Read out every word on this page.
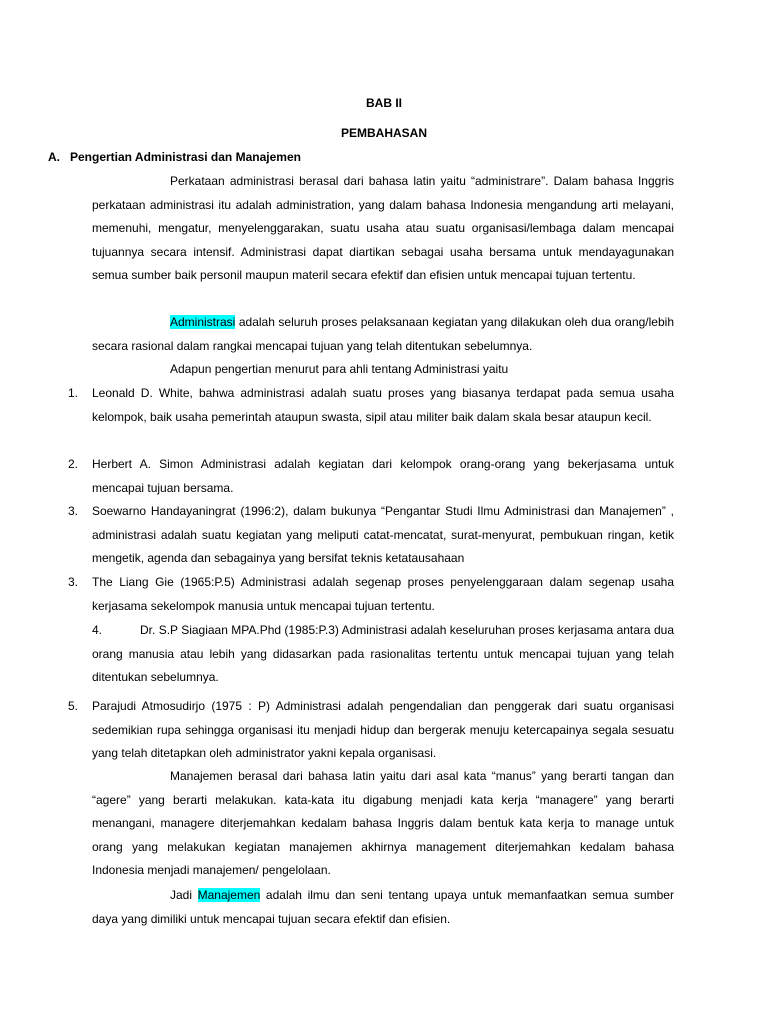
BAB II

PEMBAHASAN

A. Pengertian Administrasi dan Manajemen

Perkataan administrasi berasal dari bahasa latin yaitu “administrare”. Dalam bahasa Inggris perkataan administrasi itu adalah administration, yang dalam bahasa Indonesia mengandung arti melayani, memenuhi, mengatur, menyelenggarakan, suatu usaha atau suatu organisasi/lembaga dalam mencapai tujuannya secara intensif. Administrasi dapat diartikan sebagai usaha bersama untuk mendayagunakan semua sumber baik personil maupun materil secara efektif dan efisien untuk mencapai tujuan tertentu.

Administrasi adalah seluruh proses pelaksanaan kegiatan yang dilakukan oleh dua orang/lebih secara rasional dalam rangkai mencapai tujuan yang telah ditentukan sebelumnya.

Adapun pengertian menurut para ahli tentang Administrasi yaitu

1. Leonald D. White, bahwa administrasi adalah suatu proses yang biasanya terdapat pada semua usaha kelompok, baik usaha pemerintah ataupun swasta, sipil atau militer baik dalam skala besar ataupun kecil.

2. Herbert A. Simon Administrasi adalah kegiatan dari kelompok orang-orang yang bekerjasama untuk mencapai tujuan bersama.

3. Soewarno Handayaningrat (1996:2), dalam bukunya “Pengantar Studi Ilmu Administrasi dan Manajemen” , administrasi adalah suatu kegiatan yang meliputi catat-mencatat, surat-menyurat, pembukuan ringan, ketik mengetik, agenda dan sebagainya yang bersifat teknis ketatausahaan

3. The Liang Gie (1965:P.5) Administrasi adalah segenap proses penyelenggaraan dalam segenap usaha kerjasama sekelompok manusia untuk mencapai tujuan tertentu.

4.	Dr. S.P Siagiaan MPA.Phd (1985:P.3) Administrasi adalah keseluruhan proses kerjasama antara dua orang manusia atau lebih yang didasarkan pada rasionalitas tertentu untuk mencapai tujuan yang telah ditentukan sebelumnya.

5. Parajudi Atmosudirjo (1975 : P) Administrasi adalah pengendalian dan penggerak dari suatu organisasi sedemikian rupa sehingga organisasi itu menjadi hidup dan bergerak menuju ketercapainya segala sesuatu yang telah ditetapkan oleh administrator yakni kepala organisasi.

Manajemen berasal dari bahasa latin yaitu dari asal kata “manus” yang berarti tangan dan “agere” yang berarti melakukan. kata-kata itu digabung menjadi kata kerja “managere” yang berarti menangani, managere diterjemahkan kedalam bahasa Inggris dalam bentuk kata kerja to manage untuk orang yang melakukan kegiatan manajemen akhirnya management diterjemahkan kedalam bahasa Indonesia menjadi manajemen/ pengelolaan.

Jadi Manajemen adalah ilmu dan seni tentang upaya untuk memanfaatkan semua sumber daya yang dimiliki untuk mencapai tujuan secara efektif dan efisien.
